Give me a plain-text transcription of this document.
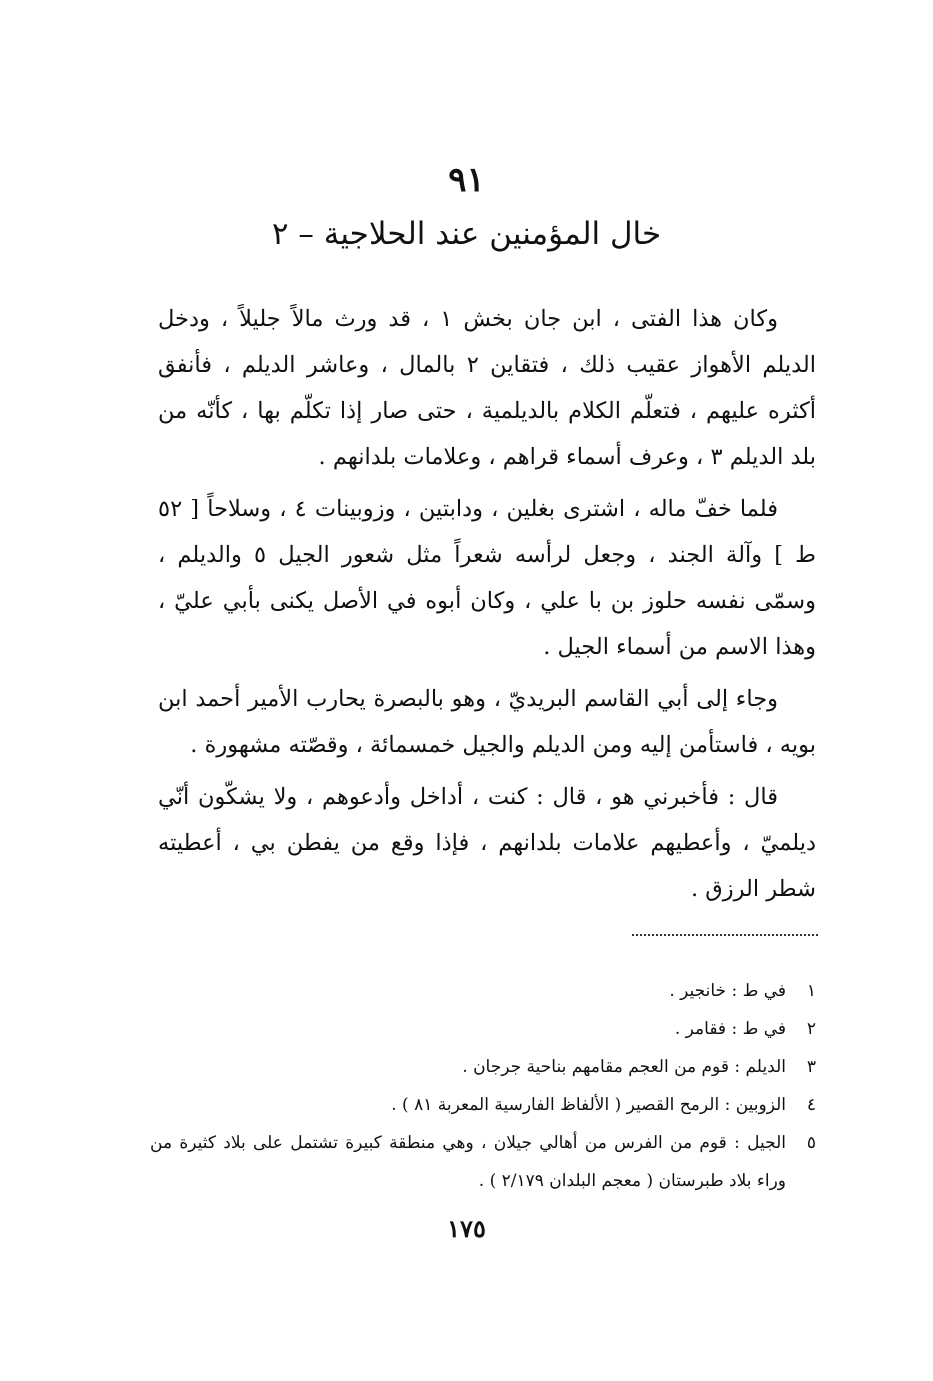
٩١
خال المؤمنين عند الحلاجية – ٢

وكان هذا الفتى ، ابن جان بخش ١ ، قد ورث مالاً جليلاً ، ودخل الديلم الأهواز عقيب ذلك ، فتقاين ٢ بالمال ، وعاشر الديلم ، فأنفق أكثره عليهم ، فتعلّم الكلام بالديلمية ، حتى صار إذا تكلّم بها ، كأنّه من بلد الديلم ٣ ، وعرف أسماء قراهم ، وعلامات بلدانهم .

فلما خفّ ماله ، اشترى بغلين ، ودابتين ، وزوبينات ٤ ، وسلاحاً [ ٥٢ ط ] وآلة الجند ، وجعل لرأسه شعراً مثل شعور الجيل ٥ والديلم ، وسمّى نفسه حلوز بن با علي ، وكان أبوه في الأصل يكنى بأبي عليّ ، وهذا الاسم من أسماء الجيل .

وجاء إلى أبي القاسم البريديّ ، وهو بالبصرة يحارب الأمير أحمد ابن بويه ، فاستأمن إليه ومن الديلم والجيل خمسمائة ، وقصّته مشهورة .

قال : فأخبرني هو ، قال : كنت ، أداخل وأدعوهم ، ولا يشكّون أنّي ديلميّ ، وأعطيهم علامات بلدانهم ، فإذا وقع من يفطن بي ، أعطيته شطر الرزق .

١
في ط : خانجير .
٢
في ط : فقامر .
٣
الديلم : قوم من العجم مقامهم بناحية جرجان .
٤
الزوبين : الرمح القصير ( الألفاظ الفارسية المعربة ٨١ ) .
٥
الجيل : قوم من الفرس من أهالي جيلان ، وهي منطقة كبيرة تشتمل على بلاد كثيرة من وراء بلاد طبرستان ( معجم البلدان ٢/١٧٩ ) .
١٧٥
